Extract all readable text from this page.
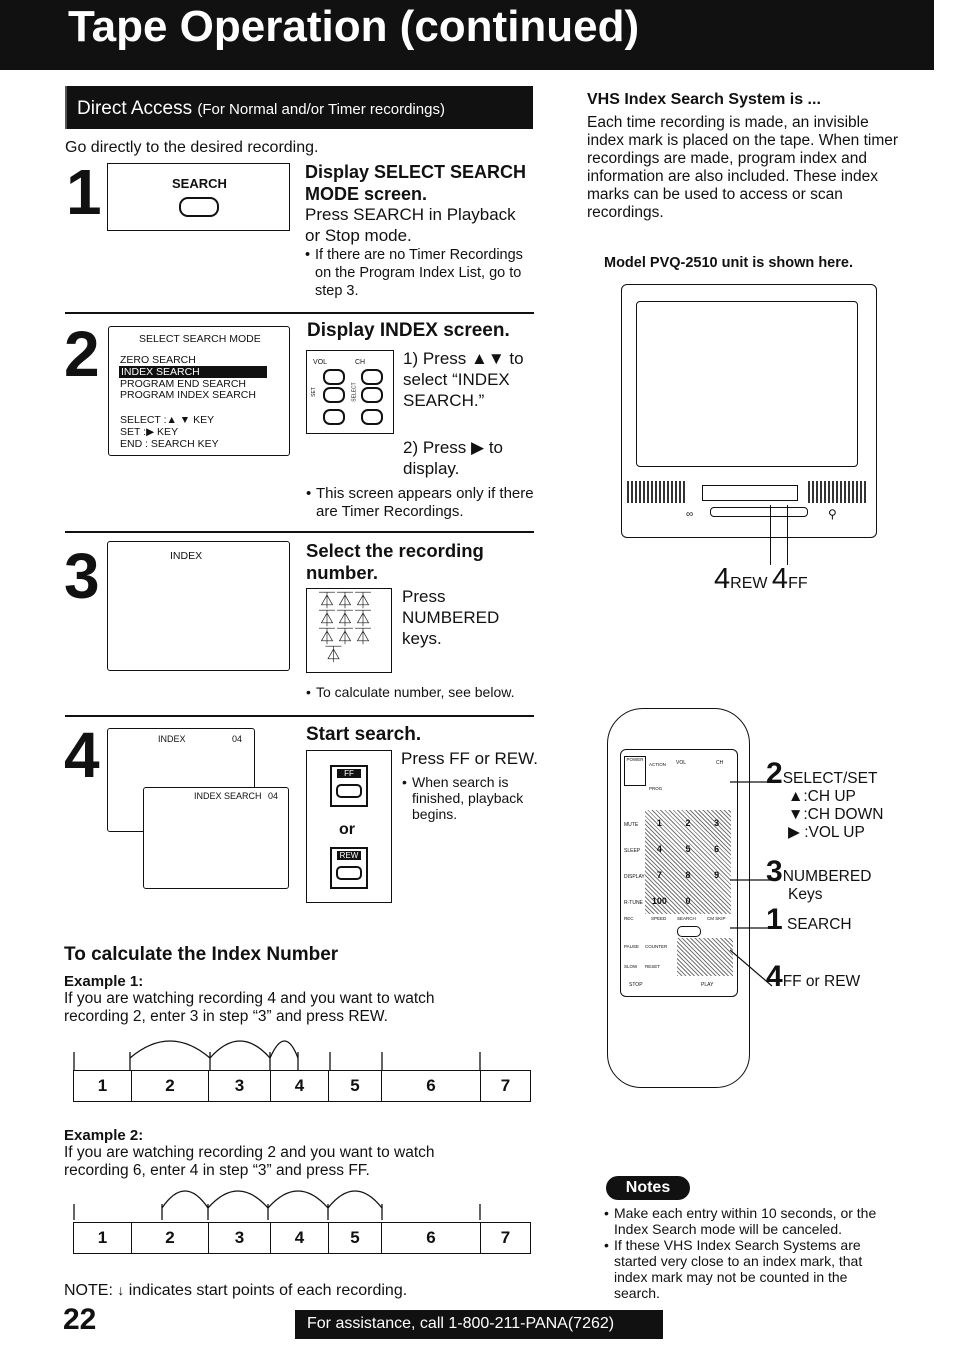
Tape Operation (continued)
Direct Access (For Normal and/or Timer recordings)
Go directly to the desired recording.
1	SEARCH
Display SELECT SEARCH MODE screen.
Press SEARCH in Playback or Stop mode.
• If there are no Timer Recordings on the Program Index List, go to step 3.
2	SELECT SEARCH MODE
ZERO SEARCH
INDEX SEARCH
PROGRAM END SEARCH
PROGRAM INDEX SEARCH
SELECT :▲ ▼ KEY
SET :▶ KEY
END : SEARCH KEY
Display INDEX screen.
VOL	CH
SET	SELECT
1) Press ▲▼ to select “INDEX SEARCH.”
2) Press ▶ to display.
• This screen appears only if there are Timer Recordings.
3	INDEX	Select the recording number.
⏄⏄⏄
⏄⏄⏄
⏄⏄⏄
⏄
Press NUMBERED keys.
• To calculate number, see below.
4	INDEX	04
INDEX SEARCH 04
Start search.
FF
or
REW
Press FF or REW.
• When search is finished, playback begins.
To calculate the Index Number
Example 1:
If you are watching recording 4 and you want to watch recording 2, enter 3 in step “3” and press REW.
1	2	3	4	5	6	7
Example 2:
If you are watching recording 2 and you want to watch recording 6, enter 4 in step “3” and press FF.
1	2	3	4	5	6	7
NOTE: ↓ indicates start points of each recording.
VHS Index Search System is ...
Each time recording is made, an invisible index mark is placed on the tape. When timer recordings are made, program index and information are also included. These index marks can be used to access or scan recordings.
Model PVQ-2510 unit is shown here.
∞	⚲
4REW 4FF
POWER
ACTION VOL	CH
PROG
MUTE
SLEEP
DISPLAY
R-TUNE
1	2	3
4	5	6
7	8	9
100	0
REC	SPEED SEARCH CM SKIP
PAUSE COUNTER
SLOW RESET
STOP	PLAY
2SELECT/SET
▲:CH UP
▼:CH DOWN
▶ :VOL UP
3NUMBERED
Keys
1 SEARCH
4FF or REW
Notes
• Make each entry within 10 seconds, or the Index Search mode will be canceled.
• If these VHS Index Search Systems are started very close to an index mark, that index mark may not be counted in the search.
22	For assistance, call 1-800-211-PANA(7262)
